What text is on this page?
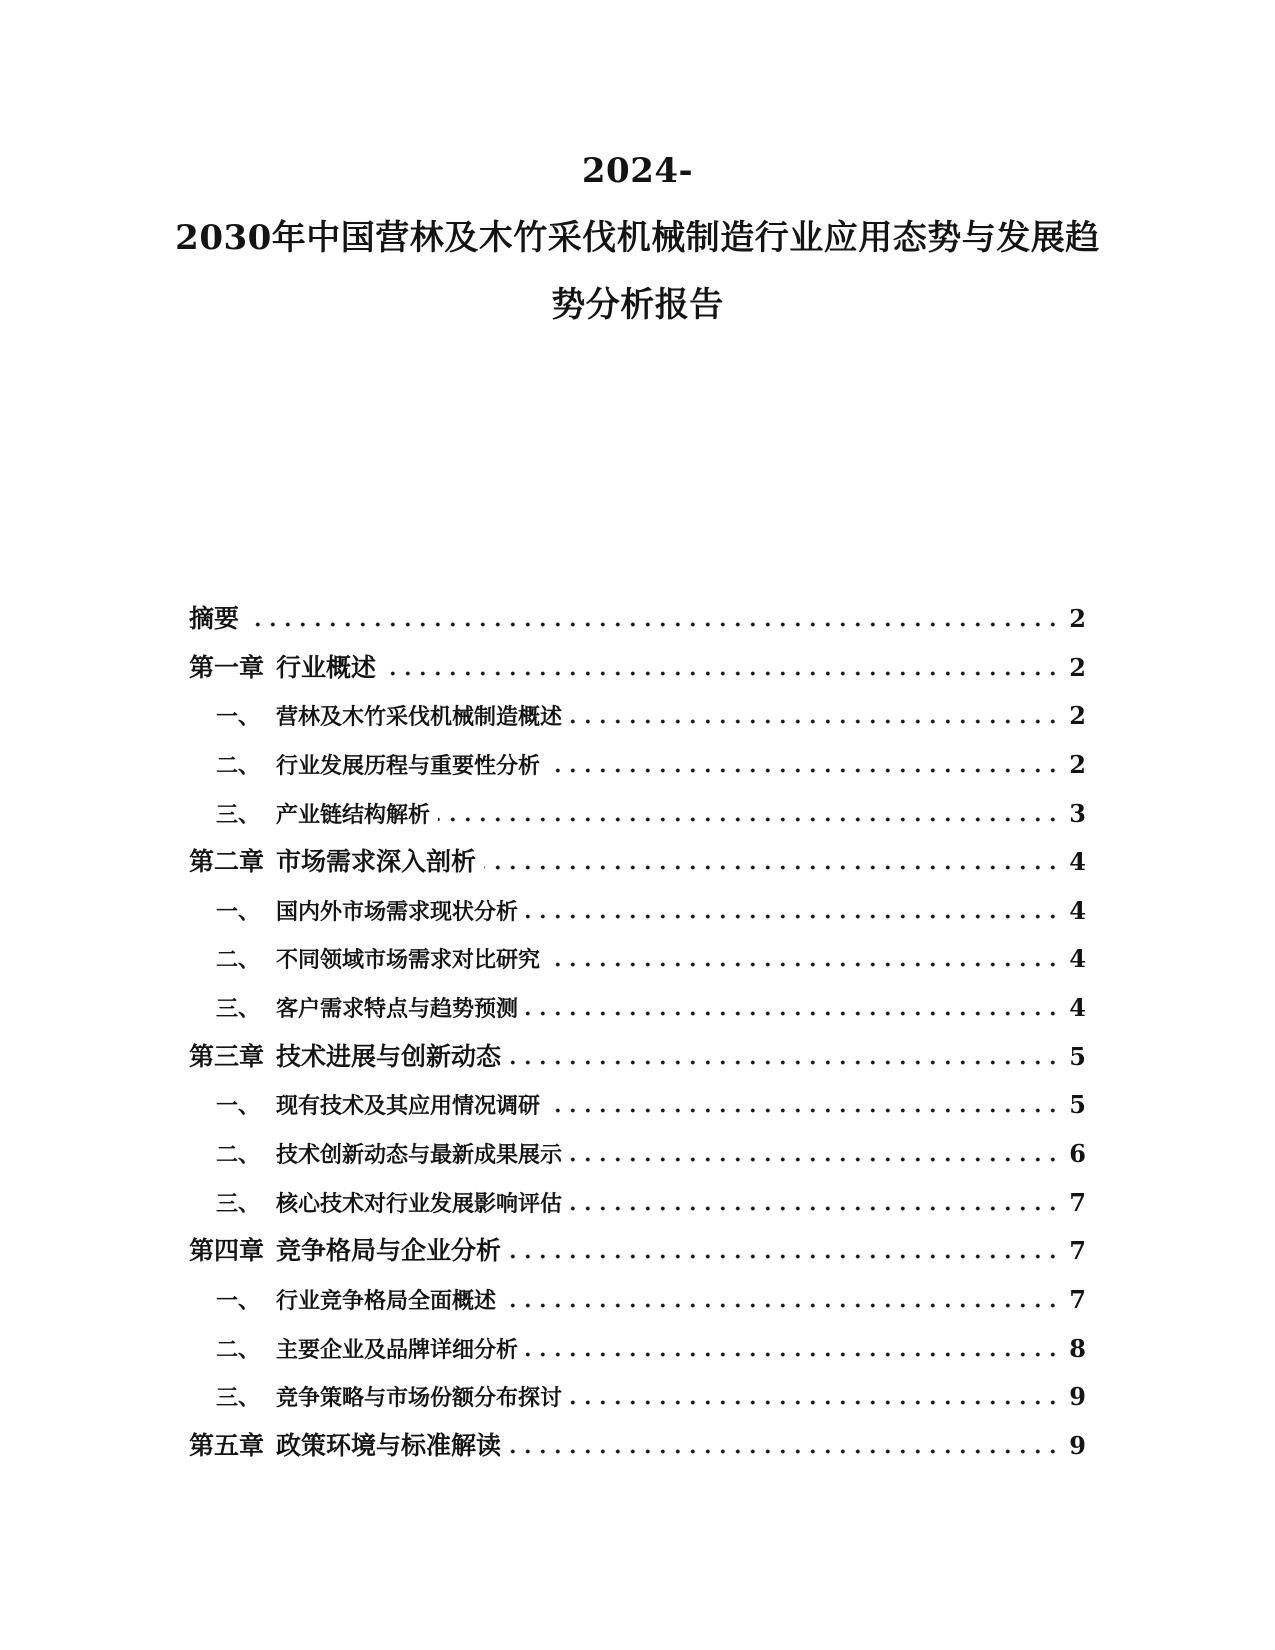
2024-
2030年中国营林及木竹采伐机械制造行业应用态势与发展趋
势分析报告
摘要	2
第一章 行业概述	2
一、 营林及木竹采伐机械制造概述	2
二、 行业发展历程与重要性分析	2
三、 产业链结构解析	3
第二章 市场需求深入剖析	4
一、 国内外市场需求现状分析	4
二、 不同领域市场需求对比研究	4
三、 客户需求特点与趋势预测	4
第三章 技术进展与创新动态	5
一、 现有技术及其应用情况调研	5
二、 技术创新动态与最新成果展示	6
三、 核心技术对行业发展影响评估	7
第四章 竞争格局与企业分析	7
一、 行业竞争格局全面概述	7
二、 主要企业及品牌详细分析	8
三、 竞争策略与市场份额分布探讨	9
第五章 政策环境与标准解读	9
